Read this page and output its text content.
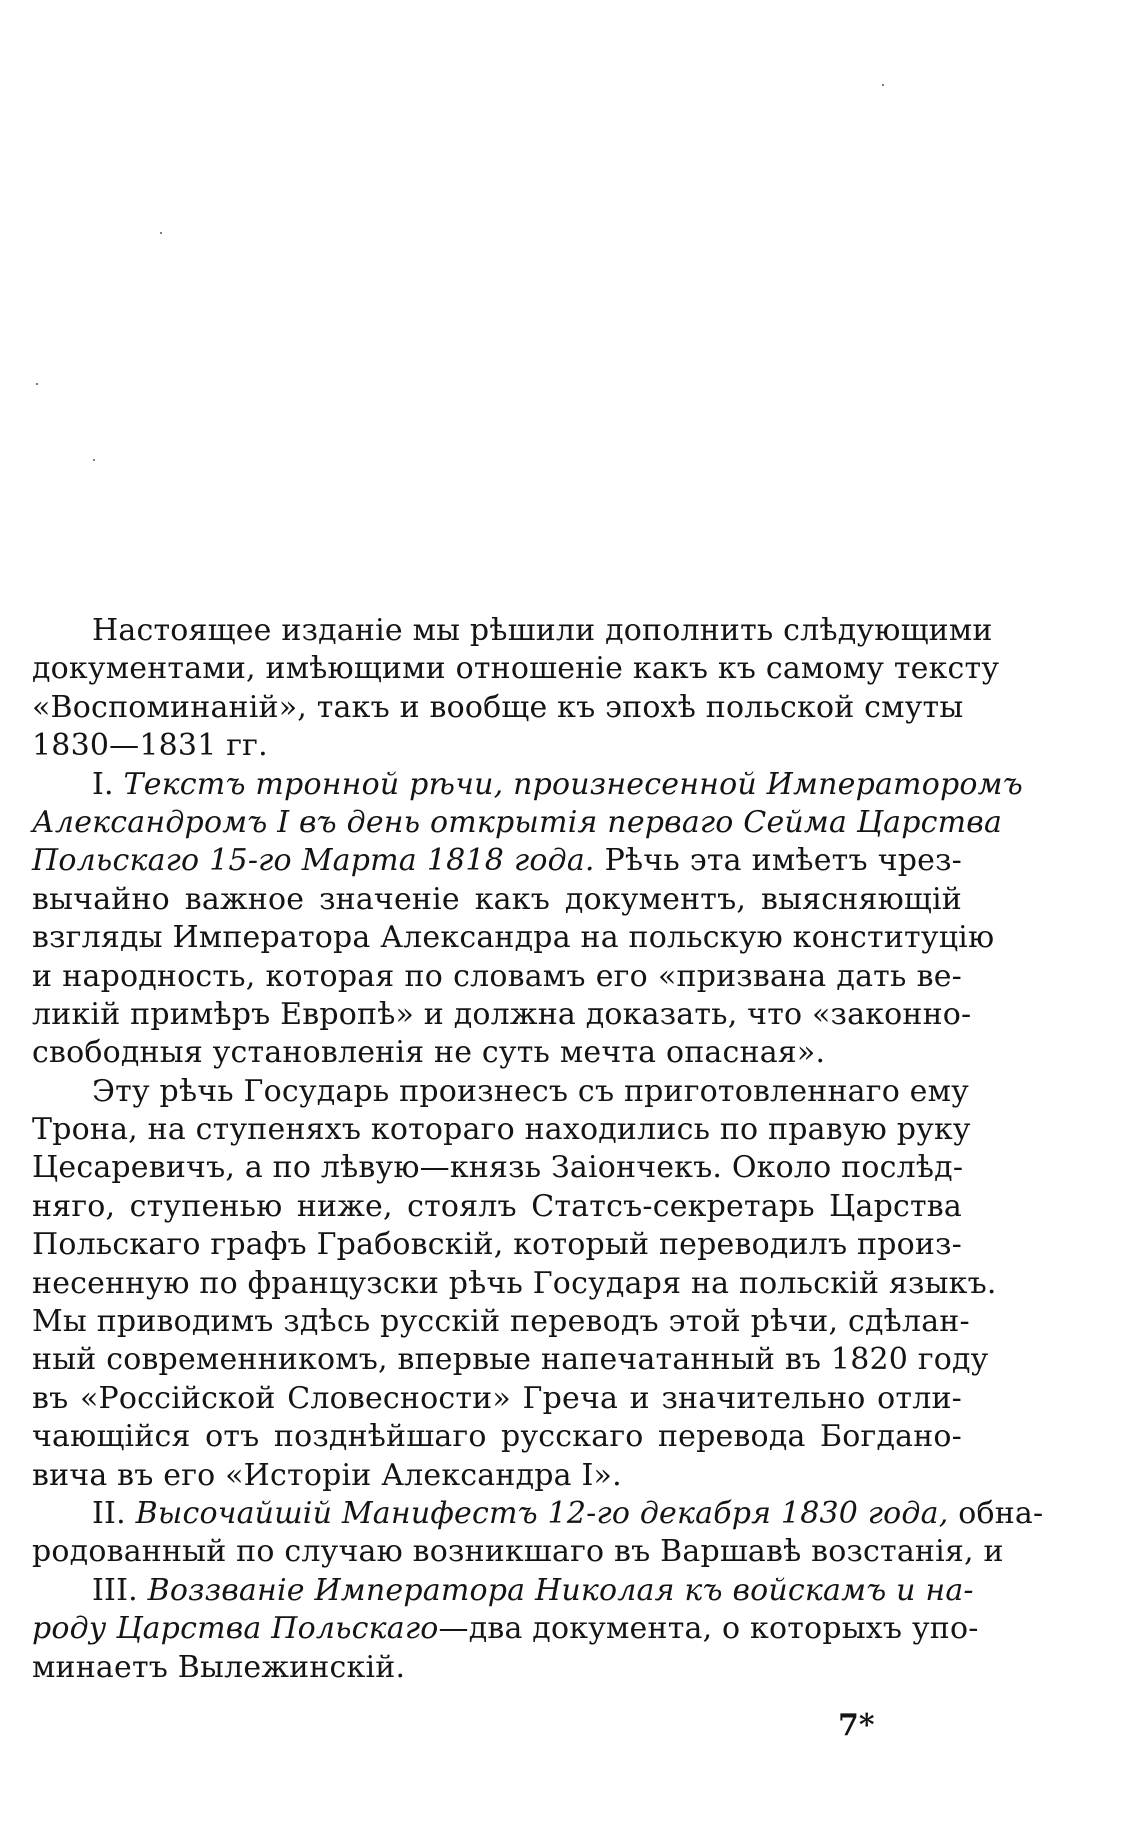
Настоящее изданіе мы рѣшили дополнить слѣдующими
документами, имѣющими отношеніе какъ къ самому тексту
«Воспоминаній», такъ и вообще къ эпохѣ польской смуты
1830—1831 гг.
I. Текстъ тронной рѣчи, произнесенной Императоромъ
Александромъ I въ день открытія перваго Сейма Царства
Польскаго 15-го Марта 1818 года. Рѣчь эта имѣетъ чрез-
вычайно важное значеніе какъ документъ, выясняющій
взгляды Императора Александра на польскую конституцію
и народность, которая по словамъ его «призвана дать ве-
ликій примѣръ Европѣ» и должна доказать, что «законно-
свободныя установленія не суть мечта опасная».
Эту рѣчь Государь произнесъ съ приготовленнаго ему
Трона, на ступеняхъ котораго находились по правую руку
Цесаревичъ, а по лѣвую—князь Заіончекъ. Около послѣд-
няго, ступенью ниже, стоялъ Статсъ-секретарь Царства
Польскаго графъ Грабовскій, который переводилъ произ-
несенную по французски рѣчь Государя на польскій языкъ.
Мы приводимъ здѣсь русскій переводъ этой рѣчи, сдѣлан-
ный современникомъ, впервые напечатанный въ 1820 году
въ «Россійской Словесности» Греча и значительно отли-
чающійся отъ позднѣйшаго русскаго перевода Богдано-
вича въ его «Исторіи Александра I».
II. Высочайшій Манифестъ 12-го декабря 1830 года, обна-
родованный по случаю возникшаго въ Варшавѣ возстанія, и
III. Воззваніе Императора Николая къ войскамъ и на-
роду Царства Польскаго—два документа, о которыхъ упо-
минаетъ Вылежинскій.
7*
